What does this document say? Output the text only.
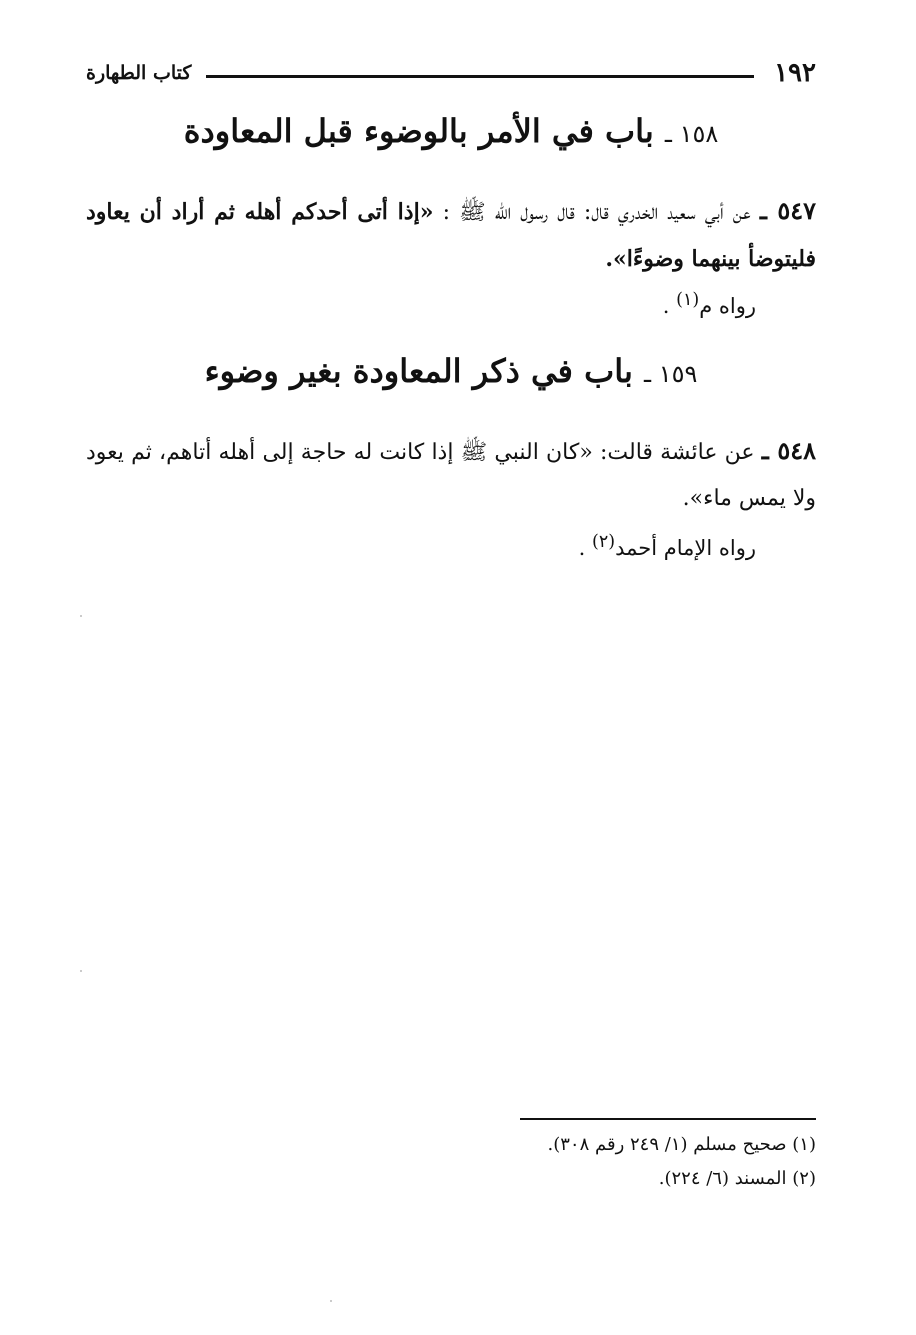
١٩٢
كتاب الطهارة
١٥٨ ـ باب في الأمر بالوضوء قبل المعاودة
٥٤٧ ـ عن أبي سعيد الخدري قال: قال رسول الله ﷺ : «إذا أتى أحدكم أهله ثم أراد أن يعاود فليتوضأ بينهما وضوءًا».
رواه م$^{(١)}$ .
١٥٩ ـ باب في ذكر المعاودة بغير وضوء
٥٤٨ ـ عن عائشة قالت: «كان النبي ﷺ إذا كانت له حاجة إلى أهله أتاهم، ثم يعود ولا يمس ماء».
رواه الإمام أحمد$^{(٢)}$ .
(١) صحيح مسلم (١/ ٢٤٩ رقم ٣٠٨).
(٢) المسند (٦/ ٢٢٤).
